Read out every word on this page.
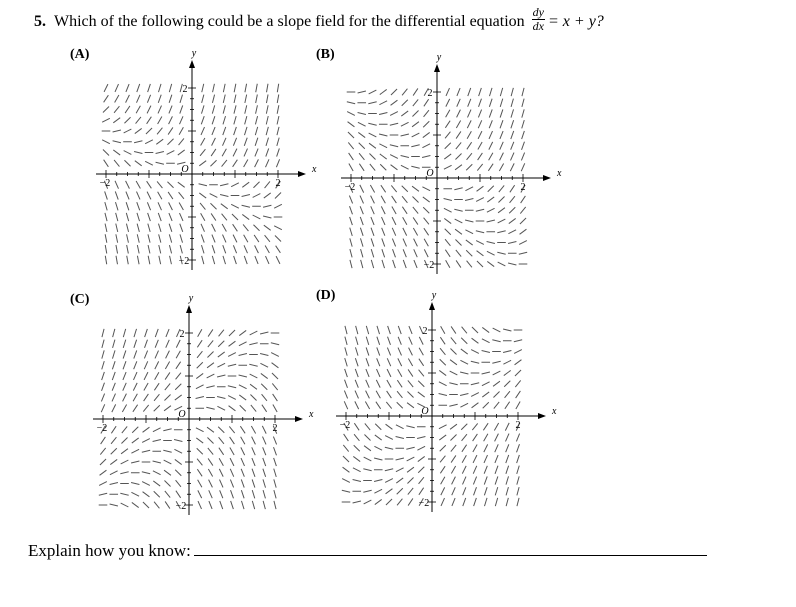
5. Which of the following could be a slope field for the differential equation $\frac{dy}{dx} = x + y$?
(A)	(B)
(C)	(D)
y
x
2
−2
2
−2
O
y
x
2
−2
2
−2
O
y
x
2
−2
2
−2
O
y
x
2
−2
2
−2
O
Explain how you know:
